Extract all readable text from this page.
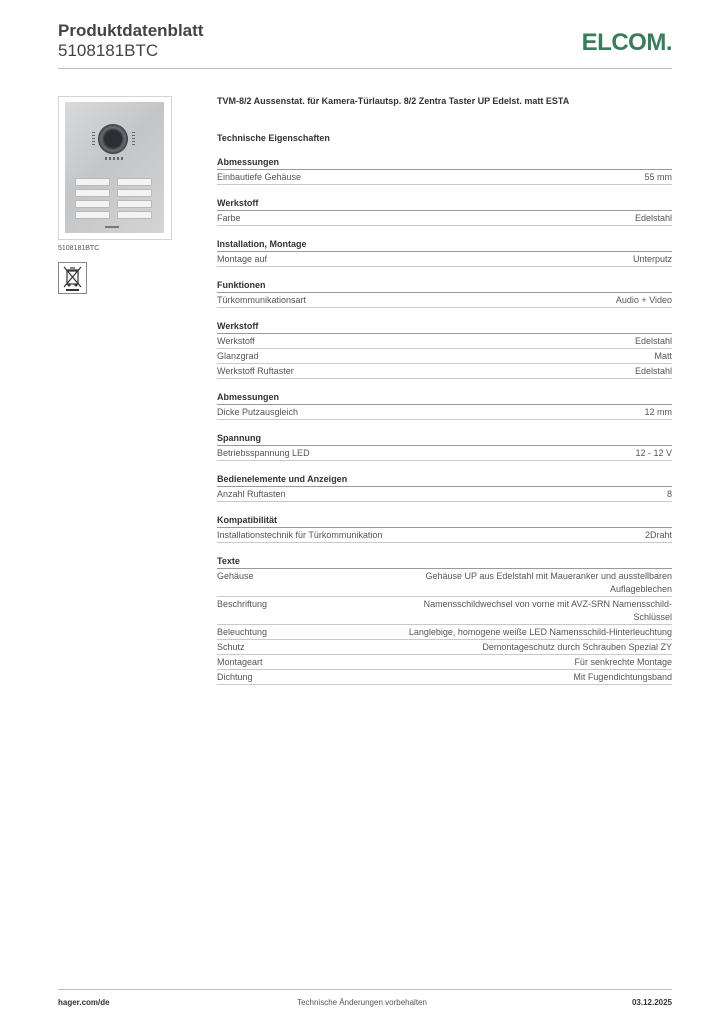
Produktdatenblatt
5108181BTC	ELCOM.
5108181BTC
TVM-8/2 Aussenstat. für Kamera-Türlautsp. 8/2 Zentra Taster UP Edelst. matt ESTA
Technische Eigenschaften
Abmessungen
Einbautiefe Gehäuse	55 mm
Werkstoff
Farbe	Edelstahl
Installation, Montage
Montage auf	Unterputz
Funktionen
Türkommunikationsart	Audio + Video
Werkstoff
Werkstoff	Edelstahl
Glanzgrad	Matt
Werkstoff Ruftaster	Edelstahl
Abmessungen
Dicke Putzausgleich	12 mm
Spannung
Betriebsspannung LED	12 - 12 V
Bedienelemente und Anzeigen
Anzahl Ruftasten	8
Kompatibilität
Installationstechnik für Türkommunikation	2Draht
Texte
Gehäuse	Gehäuse UP aus Edelstahl mit Maueranker und ausstellbaren Auflageblechen
Beschriftung	Namensschildwechsel von vorne mit AVZ-SRN Namensschild-Schlüssel
Beleuchtung	Langlebige, homogene weiße LED Namensschild-Hinterleuchtung
Schutz	Demontageschutz durch Schrauben Spezial ZY
Montageart	Für senkrechte Montage
Dichtung	Mit Fugendichtungsband
hager.com/de	Technische Änderungen vorbehalten	03.12.2025
